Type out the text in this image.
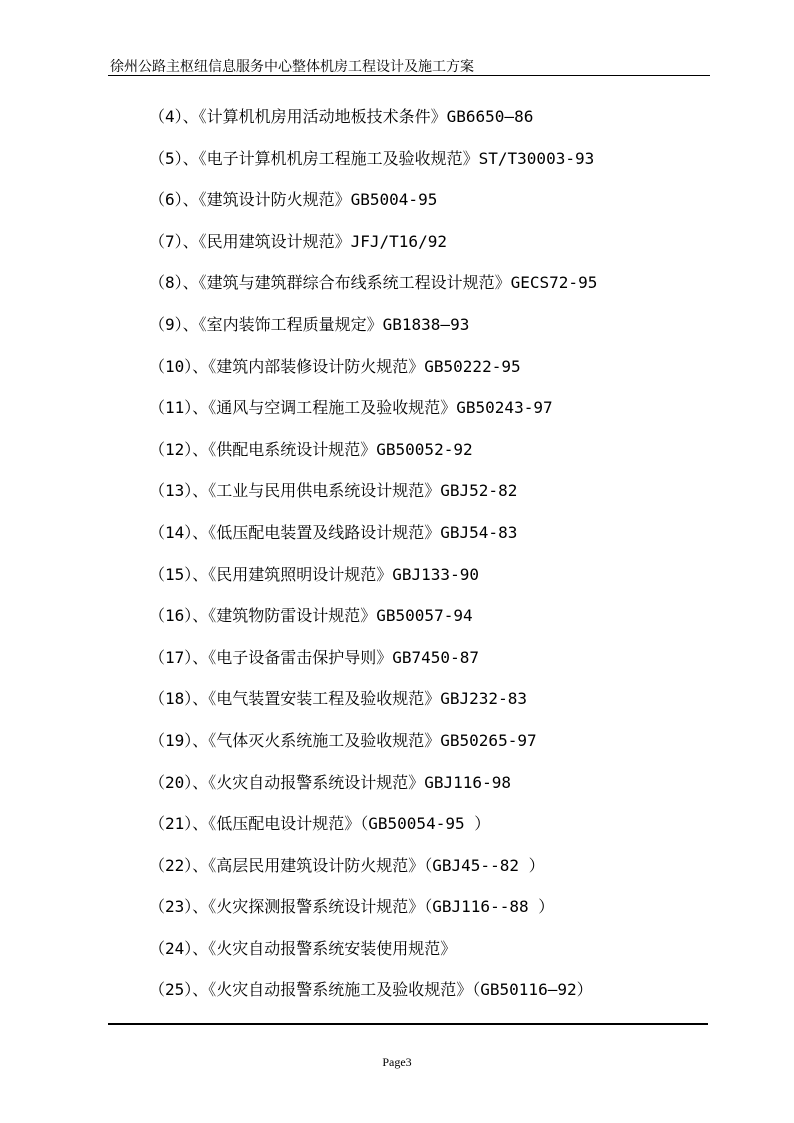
徐州公路主枢纽信息服务中心整体机房工程设计及施工方案
（4）、《计算机机房用活动地板技术条件》GB6650—86
（5）、《电子计算机机房工程施工及验收规范》ST/T30003-93
（6）、《建筑设计防火规范》GB5004-95
（7）、《民用建筑设计规范》JFJ/T16/92
（8）、《建筑与建筑群综合布线系统工程设计规范》GECS72-95
（9）、《室内装饰工程质量规定》GB1838—93
（10）、《建筑内部装修设计防火规范》GB50222-95
（11）、《通风与空调工程施工及验收规范》GB50243-97
（12）、《供配电系统设计规范》GB50052-92
（13）、《工业与民用供电系统设计规范》GBJ52-82
（14）、《低压配电装置及线路设计规范》GBJ54-83
（15）、《民用建筑照明设计规范》GBJ133-90
（16）、《建筑物防雷设计规范》GB50057-94
（17）、《电子设备雷击保护导则》GB7450-87
（18）、《电气装置安装工程及验收规范》GBJ232-83
（19）、《气体灭火系统施工及验收规范》GB50265-97
（20）、《火灾自动报警系统设计规范》GBJ116-98
（21）、《低压配电设计规范》（GB50054-95 ）
（22）、《高层民用建筑设计防火规范》（GBJ45--82 ）
（23）、《火灾探测报警系统设计规范》（GBJ116--88 ）
（24）、《火灾自动报警系统安装使用规范》
（25）、《火灾自动报警系统施工及验收规范》（GB50116—92）
Page3
